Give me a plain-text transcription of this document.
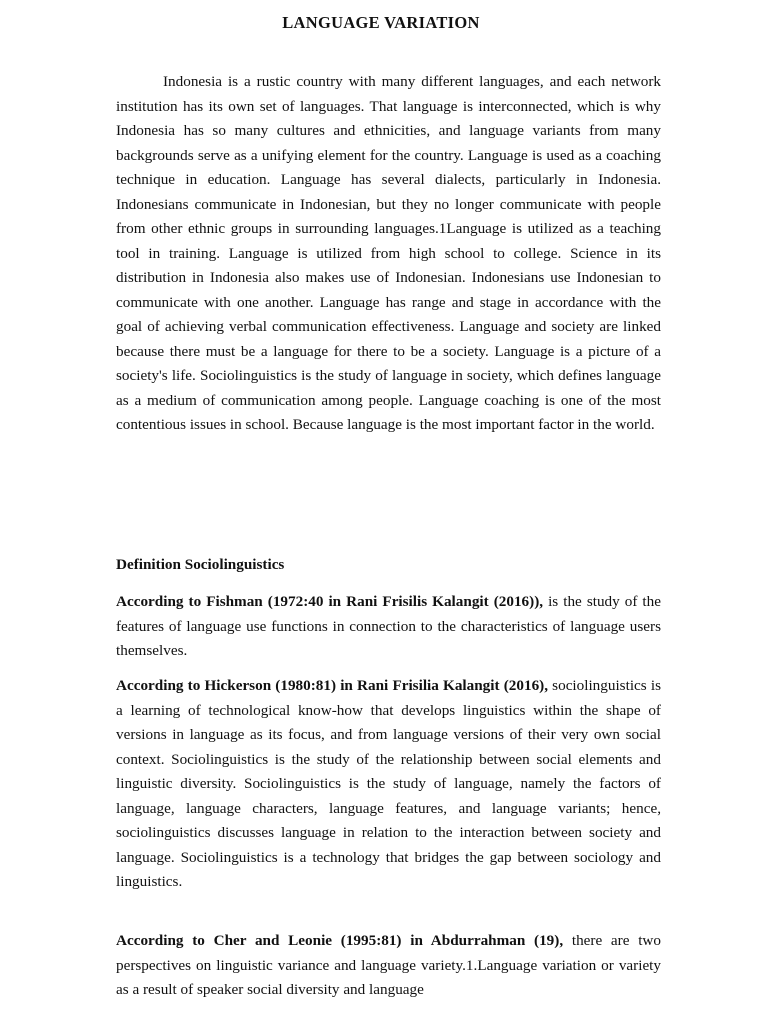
LANGUAGE VARIATION

Indonesia is a rustic country with many different languages, and each network institution has its own set of languages. That language is interconnected, which is why Indonesia has so many cultures and ethnicities, and language variants from many backgrounds serve as a unifying element for the country. Language is used as a coaching technique in education. Language has several dialects, particularly in Indonesia. Indonesians communicate in Indonesian, but they no longer communicate with people from other ethnic groups in surrounding languages.1Language is utilized as a teaching tool in training. Language is utilized from high school to college. Science in its distribution in Indonesia also makes use of Indonesian. Indonesians use Indonesian to communicate with one another. Language has range and stage in accordance with the goal of achieving verbal communication effectiveness. Language and society are linked because there must be a language for there to be a society. Language is a picture of a society's life. Sociolinguistics is the study of language in society, which defines language as a medium of communication among people. Language coaching is one of the most contentious issues in school. Because language is the most important factor in the world.

Definition Sociolinguistics

According to Fishman (1972:40 in Rani Frisilis Kalangit (2016)), is the study of the features of language use functions in connection to the characteristics of language users themselves.

According to Hickerson (1980:81) in Rani Frisilia Kalangit (2016), sociolinguistics is a learning of technological know-how that develops linguistics within the shape of versions in language as its focus, and from language versions of their very own social context. Sociolinguistics is the study of the relationship between social elements and linguistic diversity. Sociolinguistics is the study of language, namely the factors of language, language characters, language features, and language variants; hence, sociolinguistics discusses language in relation to the interaction between society and language. Sociolinguistics is a technology that bridges the gap between sociology and linguistics.

According to Cher and Leonie (1995:81) in Abdurrahman (19), there are two perspectives on linguistic variance and language variety.1.Language variation or variety as a result of speaker social diversity and language
